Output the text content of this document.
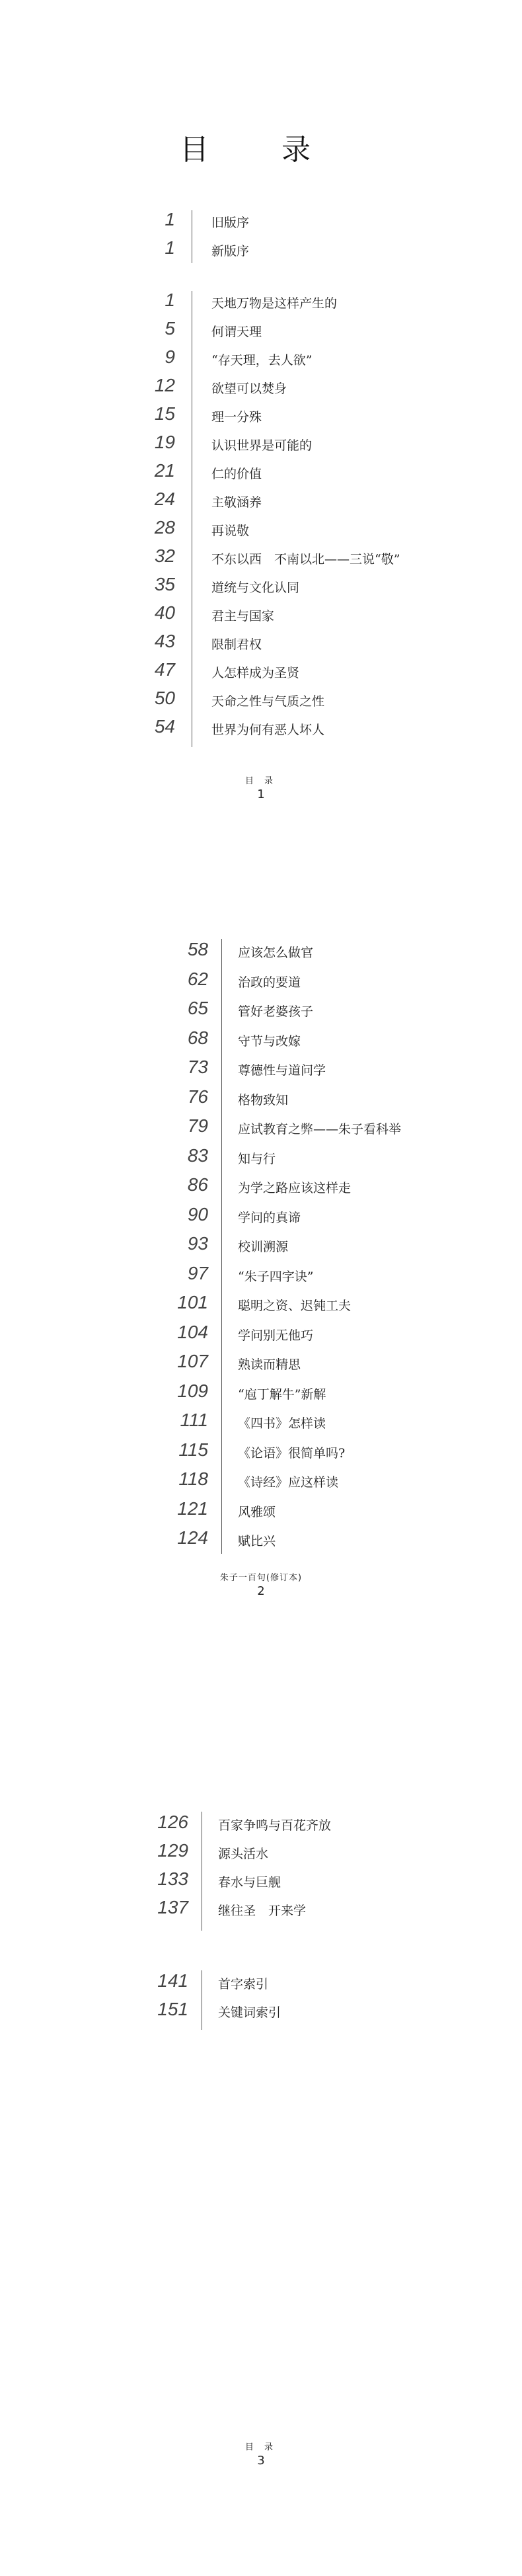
目 录
1	旧版序
1	新版序
1	天地万物是这样产生的
5	何谓天理
9	“存天理，去人欲”
12	欲望可以焚身
15	理一分殊
19	认识世界是可能的
21	仁的价值
24	主敬涵养
28	再说敬
32	不东以西　不南以北——三说“敬”
35	道统与文化认同
40	君主与国家
43	限制君权
47	人怎样成为圣贤
50	天命之性与气质之性
54	世界为何有恶人坏人
目 录
1
58 应该怎么做官
62 治政的要道
65 管好老婆孩子
68 守节与改嫁
73 尊德性与道问学
76 格物致知
79 应试教育之弊——朱子看科举
83 知与行
86 为学之路应该这样走
90 学问的真谛
93 校训溯源
97 “朱子四字诀”
101 聪明之资、迟钝工夫
104 学问别无他巧
107 熟读而精思
109 “庖丁解牛”新解
111 《四书》怎样读
115 《论语》很简单吗?
118 《诗经》应这样读
121 风雅颂
124 赋比兴
朱子一百句(修订本)
2
126 百家争鸣与百花齐放
129 源头活水
133 春水与巨舰
137 继往圣　开来学
141 首字索引
151 关键词索引
目 录
3
